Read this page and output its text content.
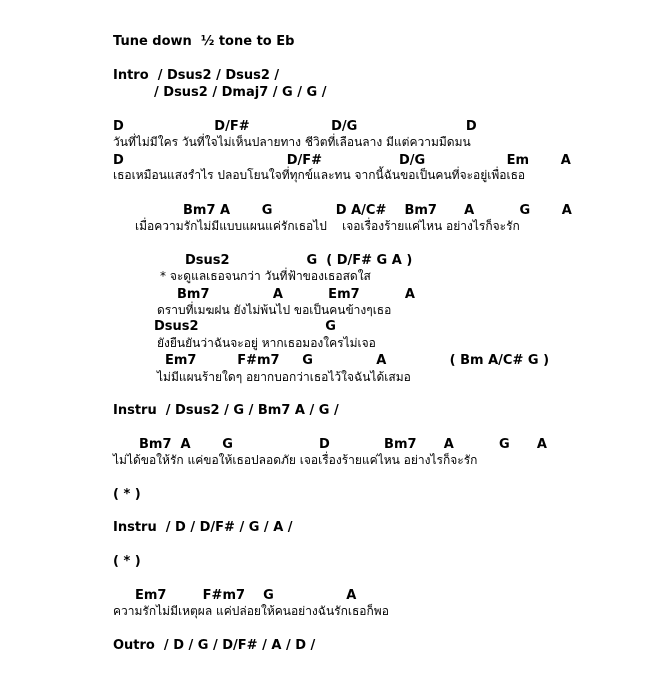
Tune down  ½ tone to Eb
Intro  / Dsus2 / Dsus2 /
/ Dsus2 / Dmaj7 / G / G /
D                    D/F#                  D/G                        D
วันที่ไม่มีใคร วันที่ใจไม่เห็นปลายทาง ชีวิตที่เลือนลาง มีแต่ความมืดมน
D                                    D/F#                 D/G                  Em       A
เธอเหมือนแสงรำไร ปลอบโยนใจที่ทุกข์และทน จากนี้ฉันขอเป็นคนที่จะอยู่เพื่อเธอ
Bm7 A       G              D A/C#    Bm7      A          G       A
เมื่อความรักไม่มีแบบแผนแค่รักเธอไป    เจอเรื่องร้ายแค่ไหน อย่างไรก็จะรัก
Dsus2                 G  ( D/F# G A )
* จะดูแลเธอจนกว่า วันที่ฟ้าของเธอสดใส
Bm7              A          Em7          A
ดราบที่เมฆฝน ยังไม่พ้นไป ขอเป็นคนข้างๆเธอ
Dsus2                            G
ยังยืนยันว่าฉันจะอยู่ หากเธอมองใครไม่เจอ
Em7         F#m7     G              A              ( Bm A/C# G )
ไม่มีแผนร้ายใดๆ อยากบอกว่าเธอไว้ใจฉันได้เสมอ
Instru  / Dsus2 / G / Bm7 A / G /
Bm7  A       G                   D            Bm7      A          G      A
ไม่ได้ขอให้รัก แค่ขอให้เธอปลอดภัย เจอเรื่องร้ายแค่ไหน อย่างไรก็จะรัก
( * )
Instru  / D / D/F# / G / A /
( * )
Em7        F#m7    G                A
ความรักไม่มีเหตุผล แค่ปล่อยให้คนอย่างฉันรักเธอก็พอ
Outro  / D / G / D/F# / A / D /
